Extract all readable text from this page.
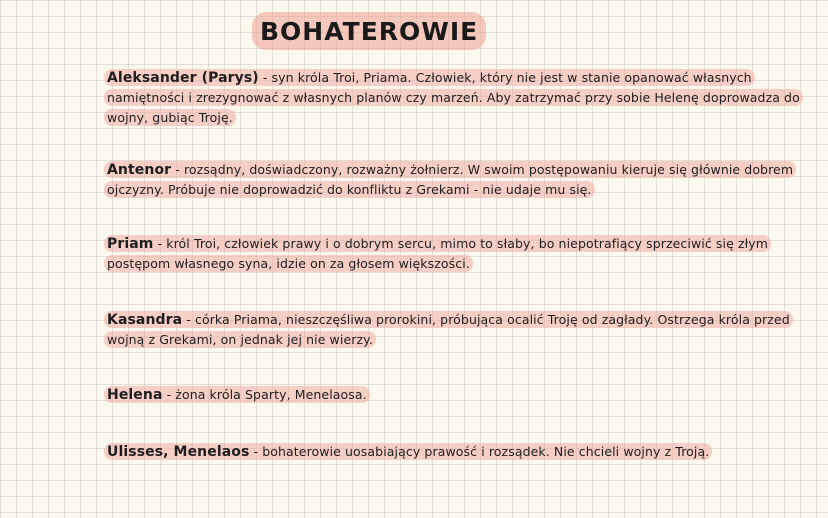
BOHATEROWIE
Aleksander (Parys) - syn króla Troi, Priama. Człowiek, który nie jest w stanie opanować własnych namiętności i zrezygnować z własnych planów czy marzeń. Aby zatrzymać przy sobie Helenę doprowadza do wojny, gubiąc Troję.
Antenor - rozsądny, doświadczony, rozważny żołnierz. W swoim postępowaniu kieruje się głównie dobrem ojczyzny. Próbuje nie doprowadzić do konfliktu z Grekami - nie udaje mu się.
Priam - król Troi, człowiek prawy i o dobrym sercu, mimo to słaby, bo niepotrafiący sprzeciwić się złym postępom własnego syna, idzie on za głosem większości.
Kasandra - córka Priama, nieszczęśliwa prorokini, próbująca ocalić Troję od zagłady. Ostrzega króla przed wojną z Grekami, on jednak jej nie wierzy.
Helena - żona króla Sparty, Menelaosa.
Ulisses, Menelaos - bohaterowie uosabiający prawość i rozsądek. Nie chcieli wojny z Troją.
